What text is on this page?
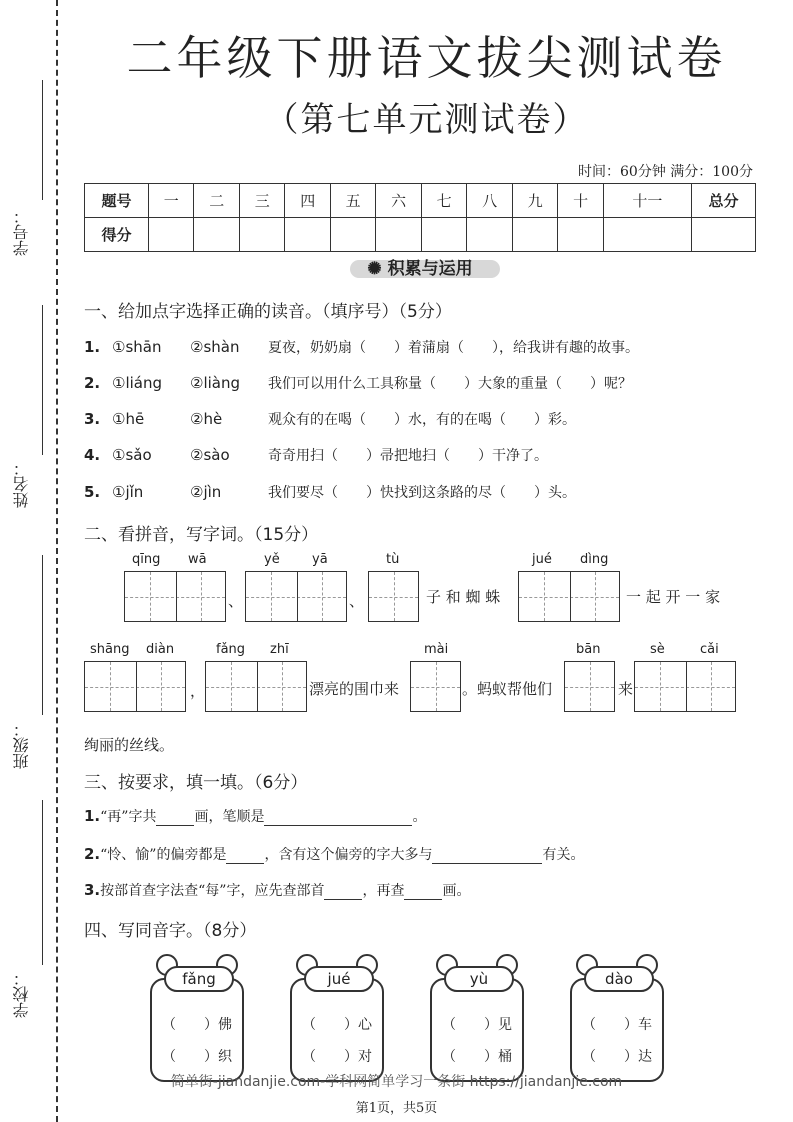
学号：
姓名：
班级：
学校：
二年级下册语文拔尖测试卷
（第七单元测试卷）
时间：60分钟 满分：100分
题号	一	二	三	四	五	六	七	八	九	十	十一	总分
得分												
✺ 积累与运用
一、给加点字选择正确的读音。（填序号）（5分）
1. ①shān ②shàn 夏夜，奶奶扇（　　）着蒲扇（　　），给我讲有趣的故事。
2. ①liáng ②liàng 我们可以用什么工具称量（　　）大象的重量（　　）呢？
3. ①hē	②hè	观众有的在喝（　　）水，有的在喝（　　）彩。
4. ①sǎo	②sào	奇奇用扫（　　）帚把地扫（　　）干净了。
5. ①jǐn	②jìn	我们要尽（　　）快找到这条路的尽（　　）头。
二、看拼音，写字词。（15分）
qīng wā	yě yā	tù	jué dìng
、	、	子 和 蜘 蛛	一 起 开 一 家
shāng diàn	fǎng zhī	mài	bān	sè	cǎi
，	漂亮的围巾来	。蚂蚁帮他们	来
绚丽的丝线。
三、按要求，填一填。（6分）
1.“再”字共	画，笔顺是	。
2.“怜、愉”的偏旁都是	，含有这个偏旁的字大多与	有关。
3.按部首查字法查“每”字，应先查部首	，再查	画。
四、写同音字。（8分）
fǎng
（　　）佛
（　　）织
jué
（　　）心
（　　）对
yù
（　　）见
（　　）桶
dào
（　　）车
（　　）达
简单街-jiandanjie.com-学科网简单学习一条街 https://jiandanjie.com
第1页，共5页
